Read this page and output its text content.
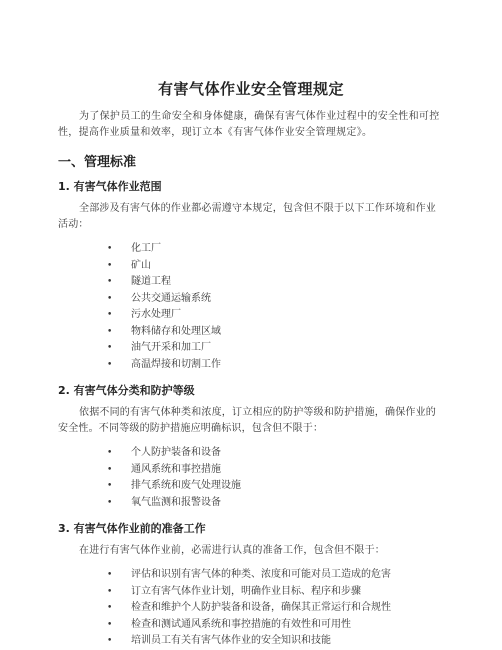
有害气体作业安全管理规定

为了保护员工的生命安全和身体健康，确保有害气体作业过程中的安全性和可控性，提高作业质量和效率，现订立本《有害气体作业安全管理规定》。

一、管理标准
1. 有害气体作业范围

全部涉及有害气体的作业都必需遵守本规定，包含但不限于以下工作环境和作业活动：

• 化工厂
• 矿山
• 隧道工程
• 公共交通运输系统
• 污水处理厂
• 物料储存和处理区域
• 油气开采和加工厂
• 高温焊接和切割工作
2. 有害气体分类和防护等级

依据不同的有害气体种类和浓度，订立相应的防护等级和防护措施，确保作业的安全性。不同等级的防护措施应明确标识，包含但不限于：

• 个人防护装备和设备
• 通风系统和事控措施
• 排气系统和废气处理设施
• 氧气监测和报警设备
3. 有害气体作业前的准备工作

在进行有害气体作业前，必需进行认真的准备工作，包含但不限于：

• 评估和识别有害气体的种类、浓度和可能对员工造成的危害
• 订立有害气体作业计划，明确作业目标、程序和步骤
• 检查和维护个人防护装备和设备，确保其正常运行和合规性
• 检查和测试通风系统和事控措施的有效性和可用性
• 培训员工有关有害气体作业的安全知识和技能
